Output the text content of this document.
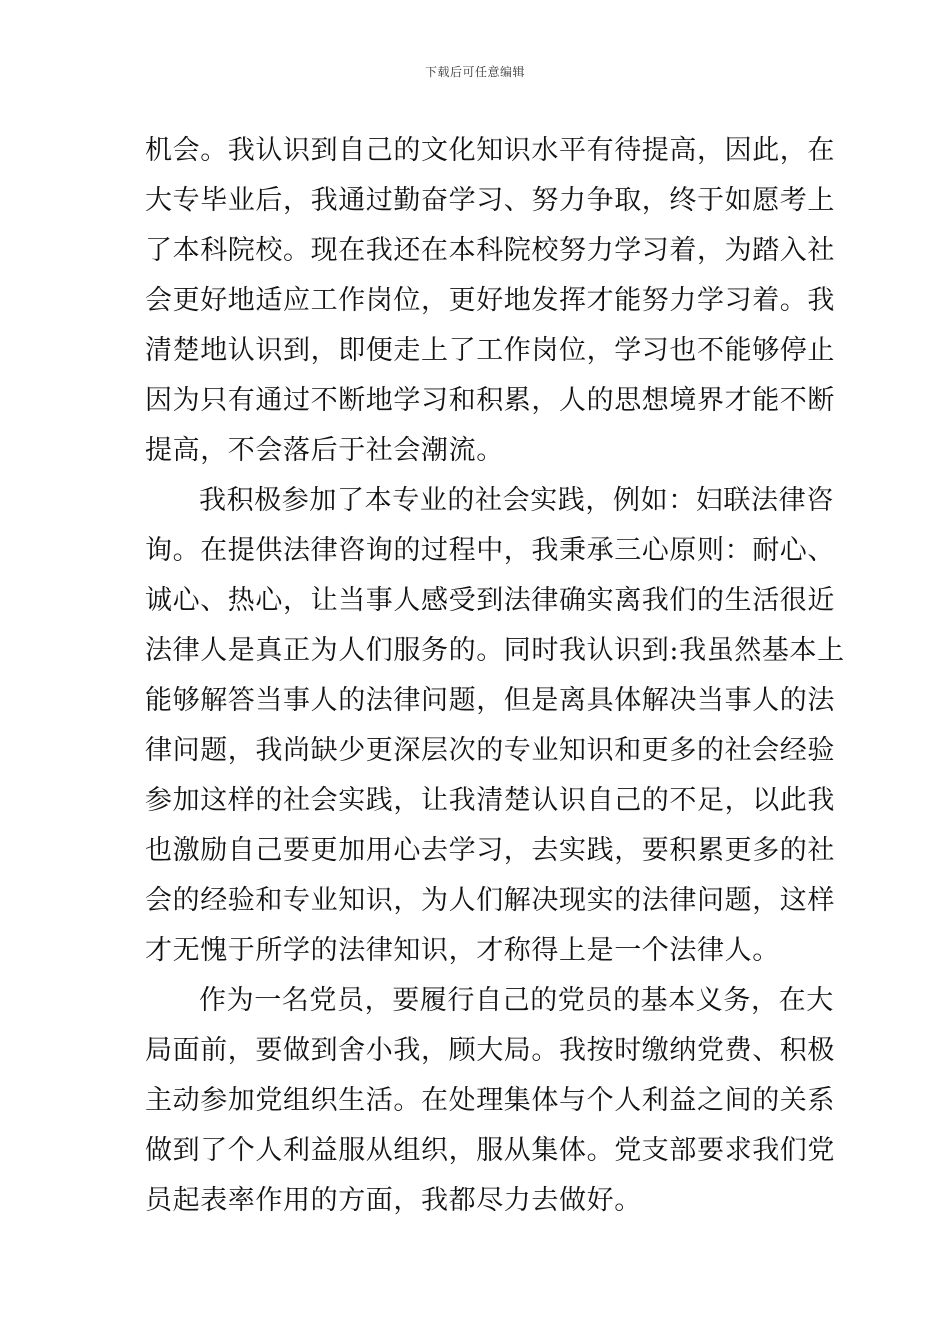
下载后可任意编辑
机会。我认识到自己的文化知识水平有待提高，因此，在
大专毕业后，我通过勤奋学习、努力争取，终于如愿考上
了本科院校。现在我还在本科院校努力学习着，为踏入社
会更好地适应工作岗位，更好地发挥才能努力学习着。我
清楚地认识到，即便走上了工作岗位，学习也不能够停止
因为只有通过不断地学习和积累，人的思想境界才能不断
提高，不会落后于社会潮流。
我积极参加了本专业的社会实践，例如：妇联法律咨
询。在提供法律咨询的过程中，我秉承三心原则：耐心、
诚心、热心，让当事人感受到法律确实离我们的生活很近
法律人是真正为人们服务的。同时我认识到:我虽然基本上
能够解答当事人的法律问题，但是离具体解决当事人的法
律问题，我尚缺少更深层次的专业知识和更多的社会经验
参加这样的社会实践，让我清楚认识自己的不足，以此我
也激励自己要更加用心去学习，去实践，要积累更多的社
会的经验和专业知识，为人们解决现实的法律问题，这样
才无愧于所学的法律知识，才称得上是一个法律人。
作为一名党员，要履行自己的党员的基本义务，在大
局面前，要做到舍小我，顾大局。我按时缴纳党费、积极
主动参加党组织生活。在处理集体与个人利益之间的关系
做到了个人利益服从组织，服从集体。党支部要求我们党
员起表率作用的方面，我都尽力去做好。
